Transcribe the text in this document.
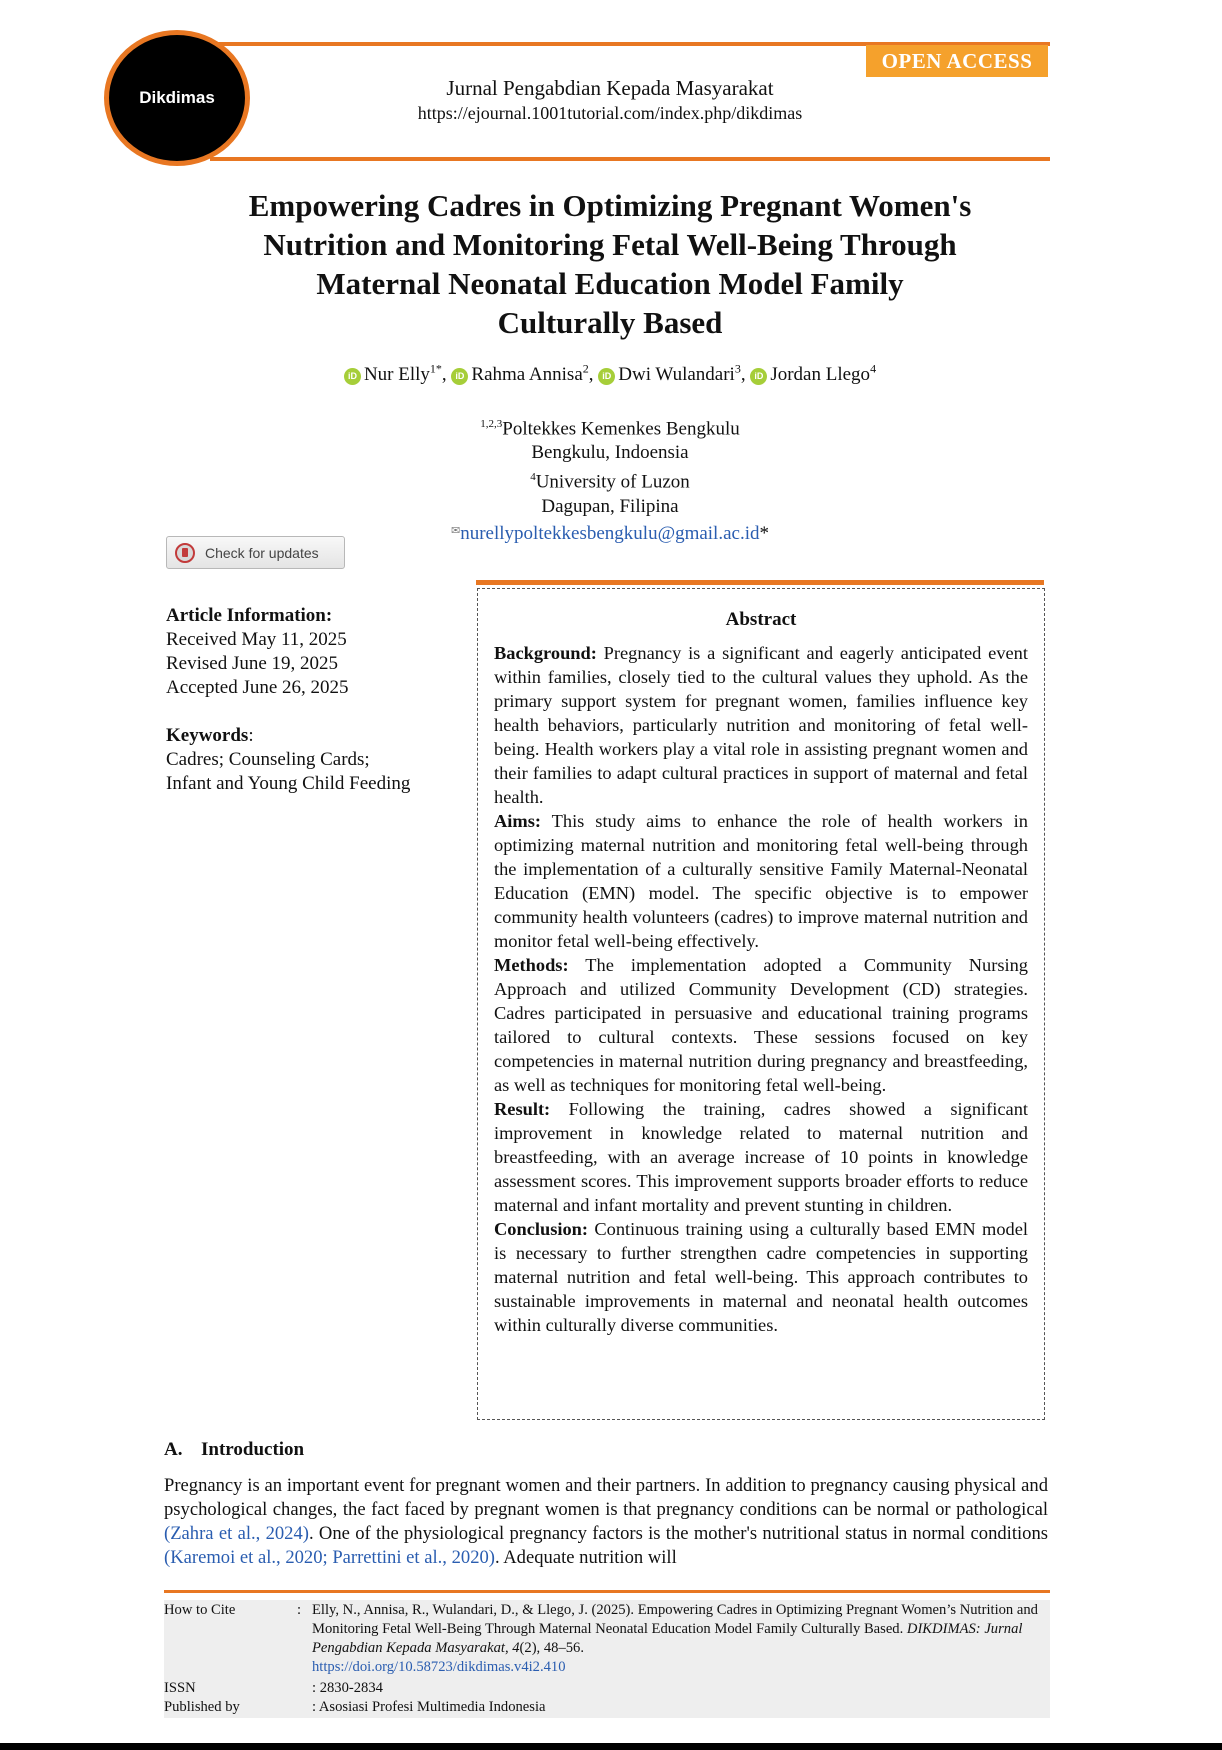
Dikdimas
OPEN ACCESS
Jurnal Pengabdian Kepada Masyarakat
https://ejournal.1001tutorial.com/index.php/dikdimas
Empowering Cadres in Optimizing Pregnant Women's
Nutrition and Monitoring Fetal Well-Being Through
Maternal Neonatal Education Model Family
Culturally Based
iD Nur Elly$^{1*}$, iD Rahma Annisa$^2$, iD Dwi Wulandari$^3$, iD Jordan Llego$^4$
$^{1,2,3}$Poltekkes Kemenkes Bengkulu
Bengkulu, Indoensia
$^4$University of Luzon
Dagupan, Filipina
✉nurellypoltekkesbengkulu@gmail.ac.id*
Check for updates
Article Information:
Received May 11, 2025
Revised June 19, 2025
Accepted June 26, 2025
Keywords:
Cadres; Counseling Cards;
Infant and Young Child Feeding
Abstract

Background: Pregnancy is a significant and eagerly anticipated event within families, closely tied to the cultural values they uphold. As the primary support system for pregnant women, families influence key health behaviors, particularly nutrition and monitoring of fetal well-being. Health workers play a vital role in assisting pregnant women and their families to adapt cultural practices in support of maternal and fetal health.

Aims: This study aims to enhance the role of health workers in optimizing maternal nutrition and monitoring fetal well-being through the implementation of a culturally sensitive Family Maternal-Neonatal Education (EMN) model. The specific objective is to empower community health volunteers (cadres) to improve maternal nutrition and monitor fetal well-being effectively.

Methods: The implementation adopted a Community Nursing Approach and utilized Community Development (CD) strategies. Cadres participated in persuasive and educational training programs tailored to cultural contexts. These sessions focused on key competencies in maternal nutrition during pregnancy and breastfeeding, as well as techniques for monitoring fetal well-being.

Result: Following the training, cadres showed a significant improvement in knowledge related to maternal nutrition and breastfeeding, with an average increase of 10 points in knowledge assessment scores. This improvement supports broader efforts to reduce maternal and infant mortality and prevent stunting in children.

Conclusion: Continuous training using a culturally based EMN model is necessary to further strengthen cadre competencies in supporting maternal nutrition and fetal well-being. This approach contributes to sustainable improvements in maternal and neonatal health outcomes within culturally diverse communities.

A. Introduction

Pregnancy is an important event for pregnant women and their partners. In addition to pregnancy causing physical and psychological changes, the fact faced by pregnant women is that pregnancy conditions can be normal or pathological (Zahra et al., 2024). One of the physiological pregnancy factors is the mother's nutritional status in normal conditions (Karemoi et al., 2020; Parrettini et al., 2020). Adequate nutrition will

How to Cite	: Elly, N., Annisa, R., Wulandari, D., & Llego, J. (2025). Empowering Cadres in Optimizing Pregnant Women’s Nutrition and Monitoring Fetal Well-Being Through Maternal Neonatal Education Model Family Culturally Based. DIKDIMAS: Jurnal Pengabdian Kepada Masyarakat, 4(2), 48–56.
https://doi.org/10.58723/dikdimas.v4i2.410
ISSN	: 2830-2834
Published by	: Asosiasi Profesi Multimedia Indonesia
